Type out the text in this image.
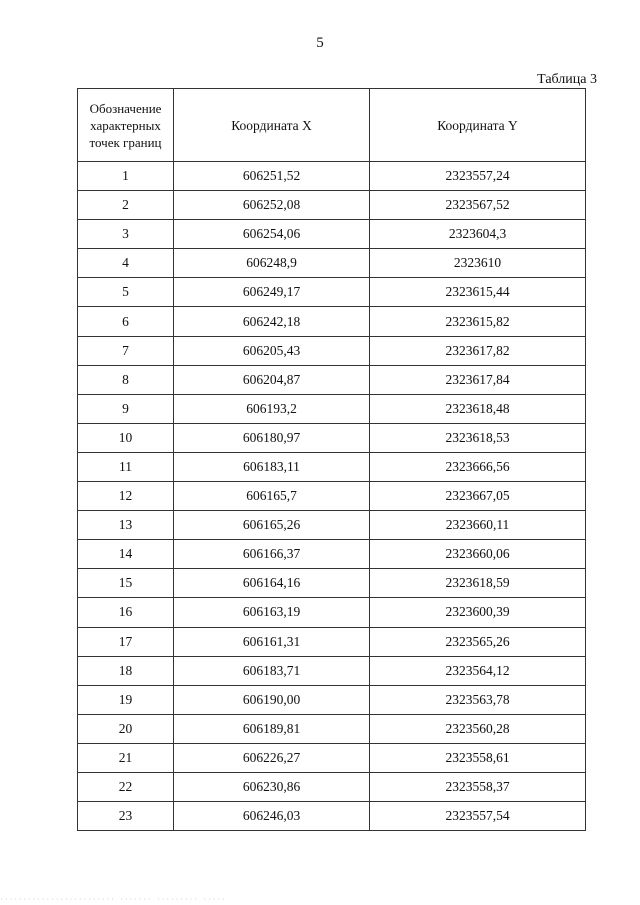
5
Таблица 3
Обозначение характерных точек границ	Координата X	Координата Y
1	606251,52	2323557,24
2	606252,08	2323567,52
3	606254,06	2323604,3
4	606248,9	2323610
5	606249,17	2323615,44
6	606242,18	2323615,82
7	606205,43	2323617,82
8	606204,87	2323617,84
9	606193,2	2323618,48
10	606180,97	2323618,53
11	606183,11	2323666,56
12	606165,7	2323667,05
13	606165,26	2323660,11
14	606166,37	2323660,06
15	606164,16	2323618,59
16	606163,19	2323600,39
17	606161,31	2323565,26
18	606183,71	2323564,12
19	606190,00	2323563,78
20	606189,81	2323560,28
21	606226,27	2323558,61
22	606230,86	2323558,37
23	606246,03	2323557,54
························· ······· ········· ·····
